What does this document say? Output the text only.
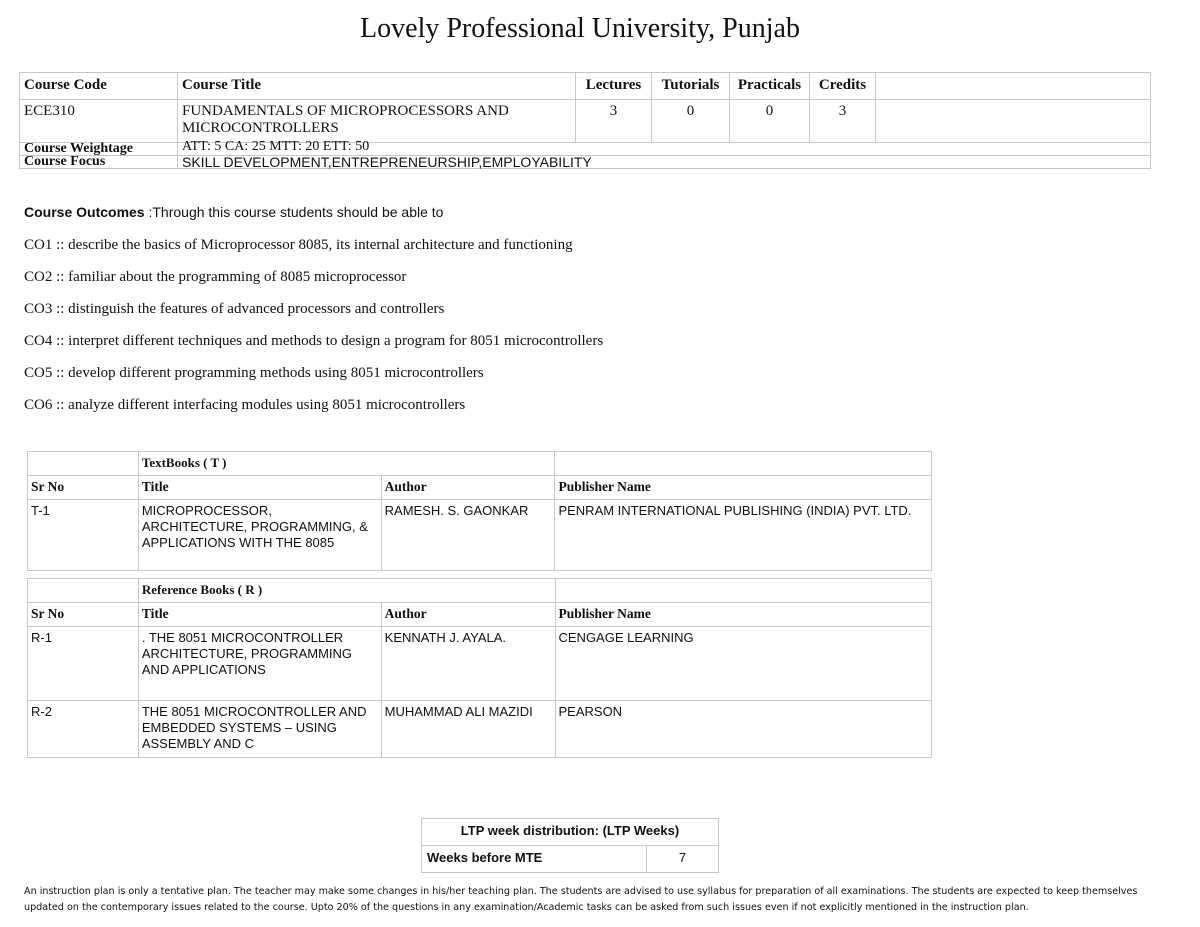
Lovely Professional University, Punjab
Course Code	Course Title	Lectures	Tutorials	Practicals	Credits	
ECE310	FUNDAMENTALS OF MICROPROCESSORS AND MICROCONTROLLERS	3	0	0	3	
Course Weightage	ATT: 5 CA: 25 MTT: 20 ETT: 50					
Course Focus	SKILL DEVELOPMENT,ENTREPRENEURSHIP,EMPLOYABILITY					
Course Outcomes :Through this course students should be able to
CO1 :: describe the basics of Microprocessor 8085, its internal architecture and functioning
CO2 :: familiar about the programming of 8085 microprocessor
CO3 :: distinguish the features of advanced processors and controllers
CO4 :: interpret different techniques and methods to design a program for 8051 microcontrollers
CO5 :: develop different programming methods using 8051 microcontrollers
CO6 :: analyze different interfacing modules using 8051 microcontrollers
	TextBooks ( T )		
Sr No	Title	Author	Publisher Name
T-1	MICROPROCESSOR, ARCHITECTURE, PROGRAMMING, & APPLICATIONS WITH THE 8085	RAMESH. S. GAONKAR	PENRAM INTERNATIONAL PUBLISHING (INDIA) PVT. LTD.
	Reference Books ( R )		
Sr No	Title	Author	Publisher Name
R-1	. THE 8051 MICROCONTROLLER ARCHITECTURE, PROGRAMMING AND APPLICATIONS	KENNATH J. AYALA.	CENGAGE LEARNING
R-2	THE 8051 MICROCONTROLLER AND EMBEDDED SYSTEMS – USING ASSEMBLY AND C	MUHAMMAD ALI MAZIDI	PEARSON
LTP week distribution: (LTP Weeks)
Weeks before MTE	7
An instruction plan is only a tentative plan. The teacher may make some changes in his/her teaching plan. The students are advised to use syllabus for preparation of all examinations. The students are expected to keep themselves updated on the contemporary issues related to the course. Upto 20% of the questions in any examination/Academic tasks can be asked from such issues even if not explicitly mentioned in the instruction plan.
